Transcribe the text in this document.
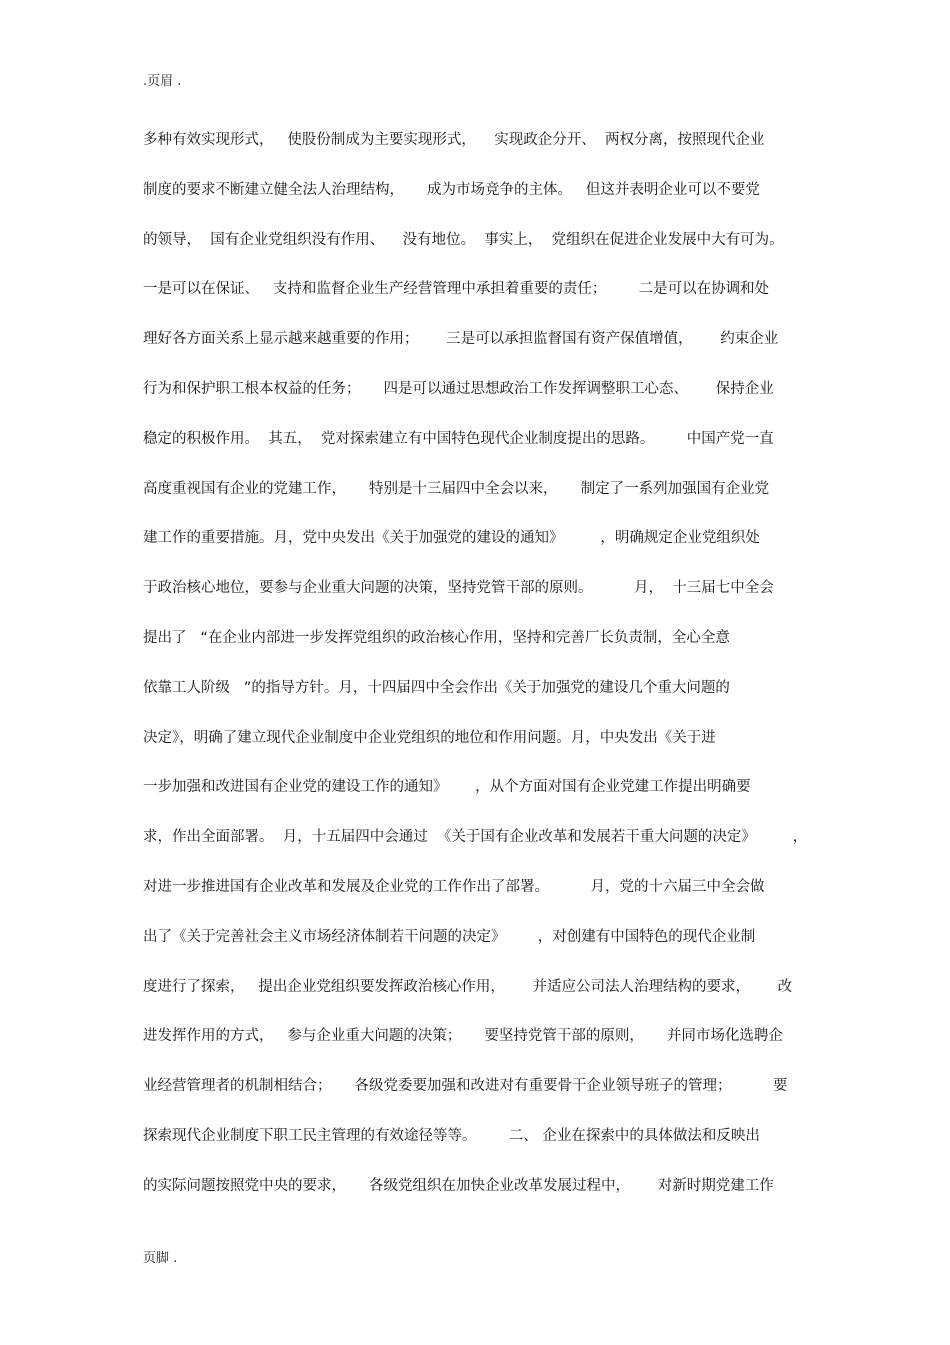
.页眉 .
多种有效实现形式，   使股份制成为主要实现形式，    实现政企分开、  两权分离，按照现代企业
制度的要求不断建立健全法人治理结构，     成为市场竞争的主体。   但这并表明企业可以不要党
的领导，  国有企业党组织没有作用、    没有地位。  事实上，  党组织在促进企业发展中大有可为。
一是可以在保证、   支持和监督企业生产经营管理中承担着重要的责任；       二是可以在协调和处
理好各方面关系上显示越来越重要的作用；      三是可以承担监督国有资产保值增值，      约束企业
行为和保护职工根本权益的任务；     四是可以通过思想政治工作发挥调整职工心态、      保持企业
稳定的积极作用。  其五，  党对探索建立有中国特色现代企业制度提出的思路。       中国产党一直
高度重视国有企业的党建工作，     特别是十三届四中全会以来，     制定了一系列加强国有企业党
建工作的重要措施。月，党中央发出《关于加强党的建设的通知》        ，明确规定企业党组织处
于政治核心地位，要参与企业重大问题的决策，坚持党管干部的原则。         月，  十三届七中全会
提出了   “在企业内部进一步发挥党组织的政治核心作用，坚持和完善厂长负责制，全心全意
依靠工人阶级   ”的指导方针。月，十四届四中全会作出《关于加强党的建设几个重大问题的
决定》，明确了建立现代企业制度中企业党组织的地位和作用问题。月，中央发出《关于进
一步加强和改进国有企业党的建设工作的通知》      ，从个方面对国有企业党建工作提出明确要
求，作出全面部署。  月，十五届四中会通过  《关于国有企业改革和发展若干重大问题的决定》        ，
对进一步推进国有企业改革和发展及企业党的工作作出了部署。         月，党的十六届三中全会做
出了《关于完善社会主义市场经济体制若干问题的决定》       ，对创建有中国特色的现代企业制
度进行了探索，   提出企业党组织要发挥政治核心作用，      并适应公司法人治理结构的要求，      改
进发挥作用的方式，   参与企业重大问题的决策；     要坚持党管干部的原则，     并同市场化选聘企
业经营管理者的机制相结合；     各级党委要加强和改进对有重要骨干企业领导班子的管理；         要
探索现代企业制度下职工民主管理的有效途径等等。       二、 企业在探索中的具体做法和反映出
的实际问题按照党中央的要求，     各级党组织在加快企业改革发展过程中，      对新时期党建工作
页脚 .
